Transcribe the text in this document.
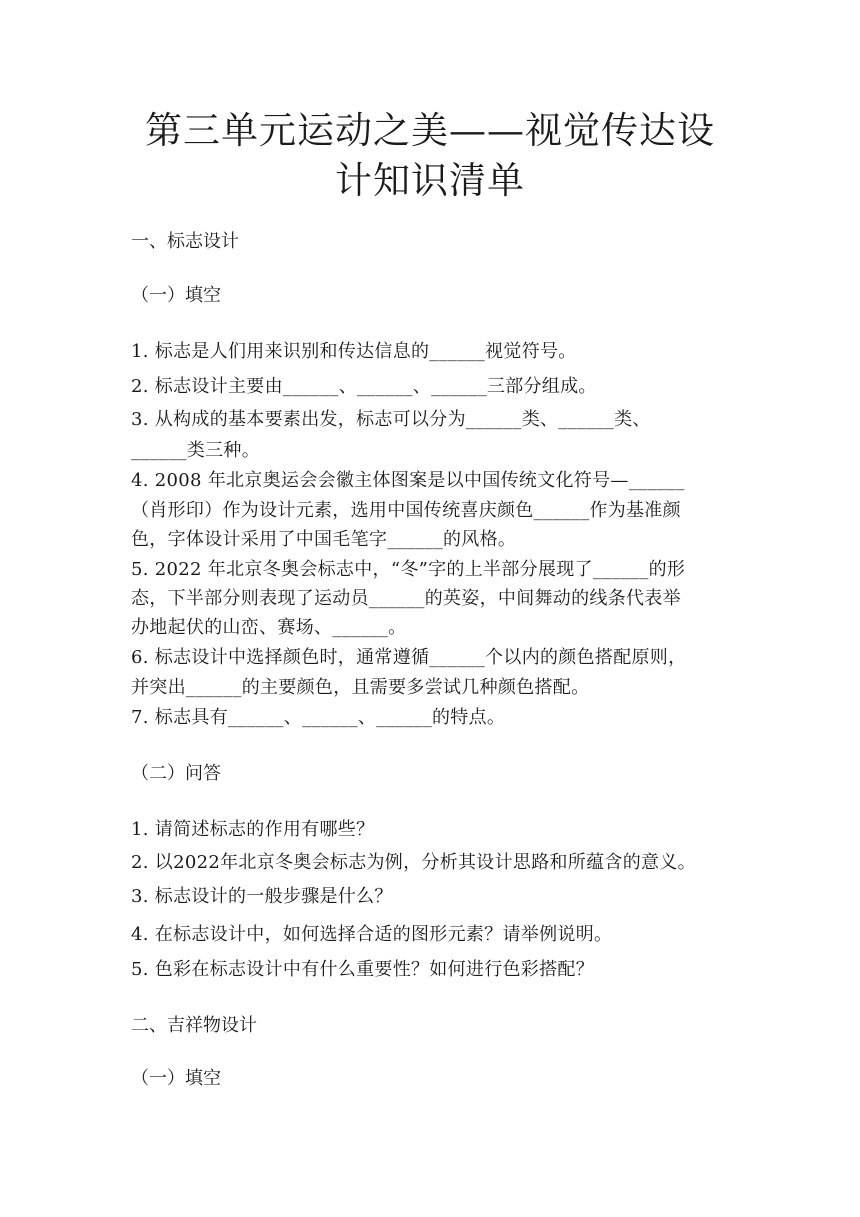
第三单元运动之美——视觉传达设
计知识清单
一、标志设计
（一）填空
1. 标志是人们用来识别和传达信息的______视觉符号。
2. 标志设计主要由______、______、______三部分组成。
3. 从构成的基本要素出发，标志可以分为______类、______类、
______类三种。
4. 2008 年北京奥运会会徽主体图案是以中国传统文化符号—______
（肖形印）作为设计元素，选用中国传统喜庆颜色______作为基准颜
色，字体设计采用了中国毛笔字______的风格。
5. 2022 年北京冬奥会标志中，“冬”字的上半部分展现了______的形
态，下半部分则表现了运动员______的英姿，中间舞动的线条代表举
办地起伏的山峦、赛场、______。
6. 标志设计中选择颜色时，通常遵循______个以内的颜色搭配原则，
并突出______的主要颜色，且需要多尝试几种颜色搭配。
7. 标志具有______、______、______的特点。
（二）问答
1. 请简述标志的作用有哪些？
2. 以2022年北京冬奥会标志为例，分析其设计思路和所蕴含的意义。
3. 标志设计的一般步骤是什么？
4. 在标志设计中，如何选择合适的图形元素？请举例说明。
5. 色彩在标志设计中有什么重要性？如何进行色彩搭配？
二、吉祥物设计
（一）填空
